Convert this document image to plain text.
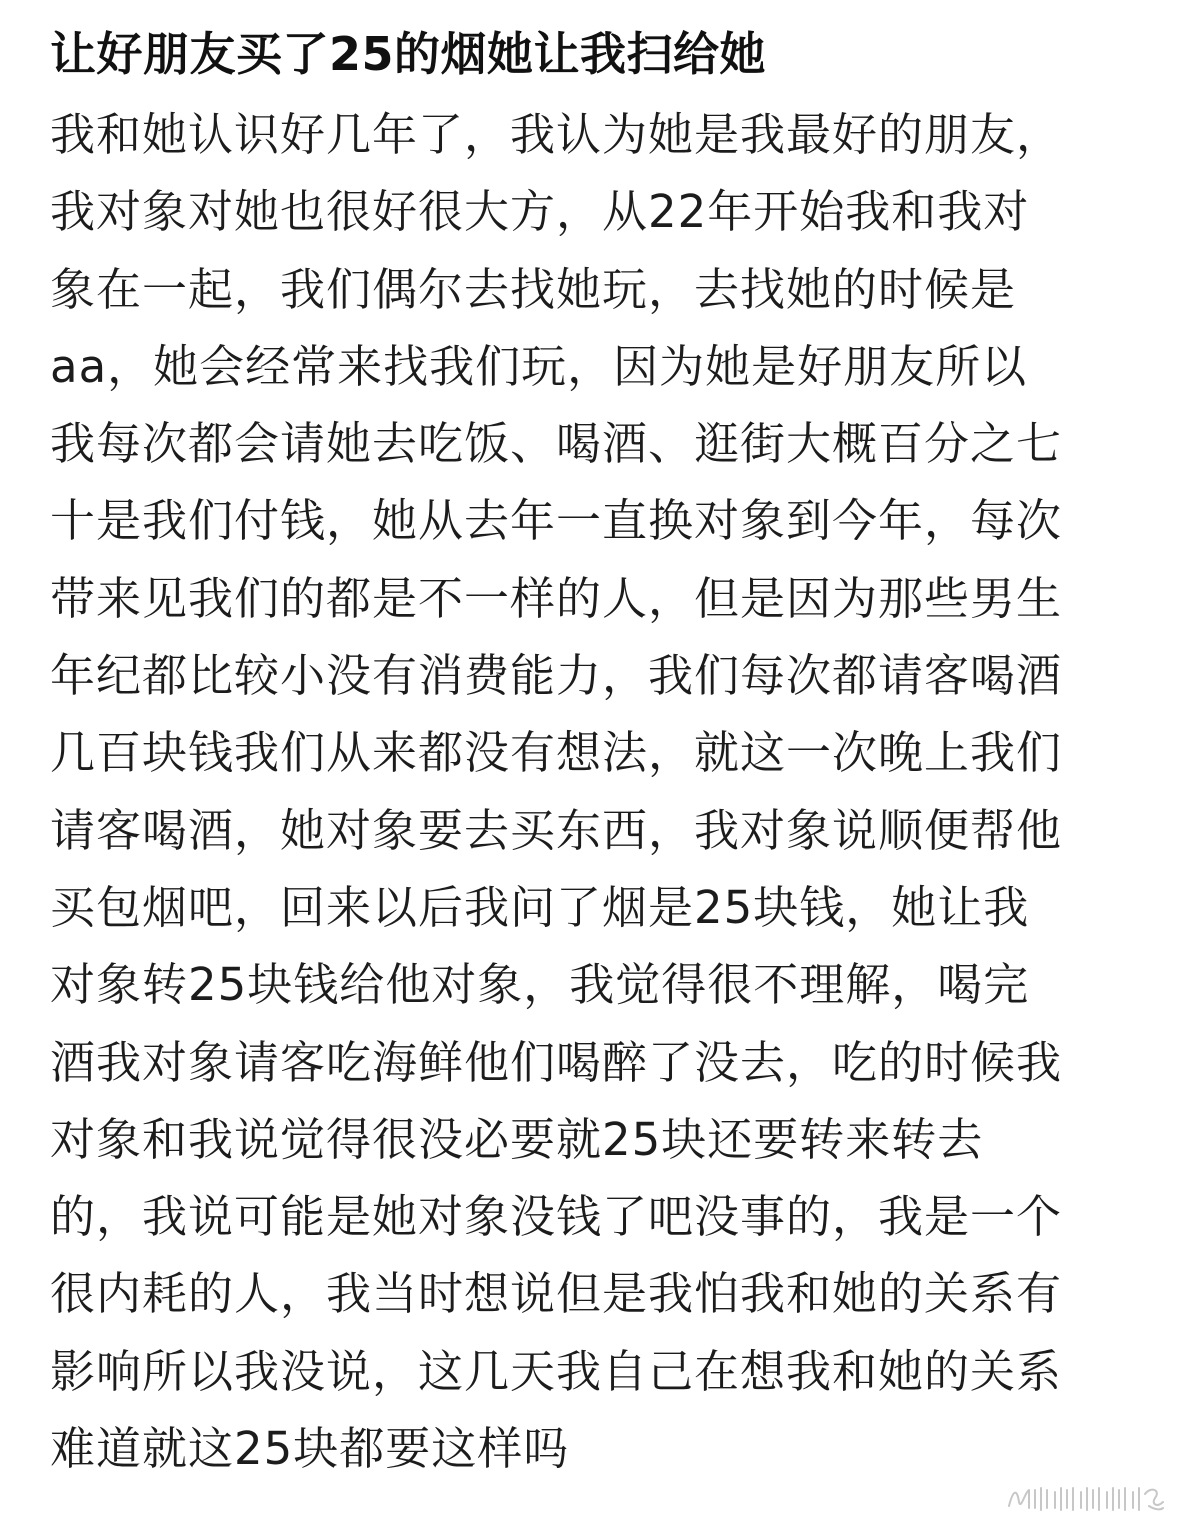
让好朋友买了25的烟她让我扫给她
我和她认识好几年了，我认为她是我最好的朋友，
我对象对她也很好很大方，从22年开始我和我对
象在一起，我们偶尔去找她玩，去找她的时候是
aa，她会经常来找我们玩，因为她是好朋友所以
我每次都会请她去吃饭、喝酒、逛街大概百分之七
十是我们付钱，她从去年一直换对象到今年，每次
带来见我们的都是不一样的人，但是因为那些男生
年纪都比较小没有消费能力，我们每次都请客喝酒
几百块钱我们从来都没有想法，就这一次晚上我们
请客喝酒，她对象要去买东西，我对象说顺便帮他
买包烟吧，回来以后我问了烟是25块钱，她让我
对象转25块钱给他对象，我觉得很不理解，喝完
酒我对象请客吃海鲜他们喝醉了没去，吃的时候我
对象和我说觉得很没必要就25块还要转来转去
的，我说可能是她对象没钱了吧没事的，我是一个
很内耗的人，我当时想说但是我怕我和她的关系有
影响所以我没说，这几天我自己在想我和她的关系
难道就这25块都要这样吗
